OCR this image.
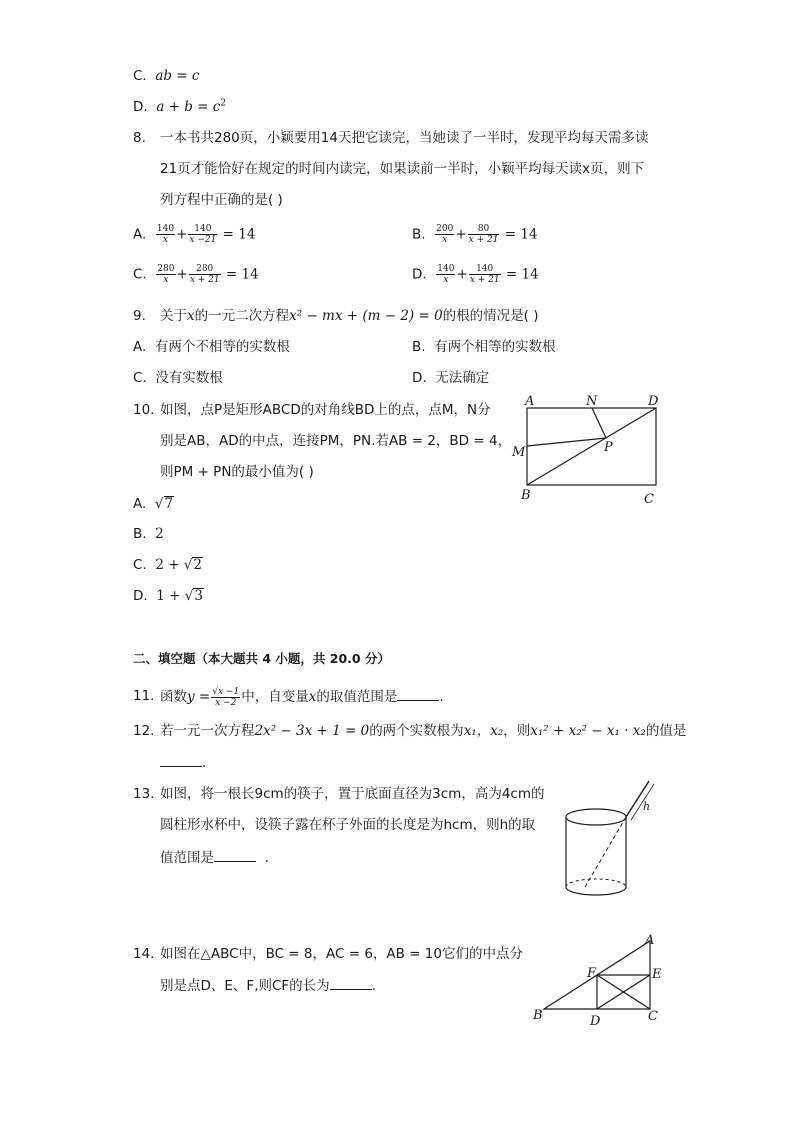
C. ab = c
D. $a + b = c^2$
8. 一本书共280页，小颖要用14天把它读完，当她读了一半时，发现平均每天需多读
21页才能恰好在规定的时间内读完，如果读前一半时，小颖平均每天读x页，则下
列方程中正确的是( )
A. $\frac{140}{x} + \frac{140}{x -21} = 14$	B. $\frac{200}{x} + \frac{80}{x + 21} = 14$
C. $\frac{280}{x} + \frac{280}{x + 21} = 14$	D. $\frac{140}{x} + \frac{140}{x + 21} = 14$
9. 关于x的一元二次方程x² − mx + (m − 2) = 0的根的情况是( )
A. 有两个不相等的实数根	B. 有两个相等的实数根
C. 没有实数根	D. 无法确定
10. 如图，点P是矩形ABCD的对角线BD上的点，点M，N分
别是AB，AD的中点，连接PM，PN.若AB = 2，BD = 4，
则PM + PN的最小值为( )
A	N	D
M	P
B	C
A. √7
B. 2
C. 2 + √2
D. 1 + √3
二、填空题（本大题共 4 小题，共 20.0 分）
11. 函数$y = \frac{√x -1}{x -2}$ 中，自变量x的取值范围是	.
12. 若一元一次方程2x² − 3x + 1 = 0的两个实数根为x₁，x₂，则x₁² + x₂² − x₁ · x₂的值是
.
13. 如图，将一根长9cm的筷子，置于底面直径为3cm，高为4cm的
圆柱形水杯中，设筷子露在杯子外面的长度是为hcm，则h的取
值范围是	.
h
14. 如图在△ABC中，BC = 8，AC = 6，AB = 10它们的中点分
别是点D、E、F,则CF的长为	.
A
E
F
B	D	C
